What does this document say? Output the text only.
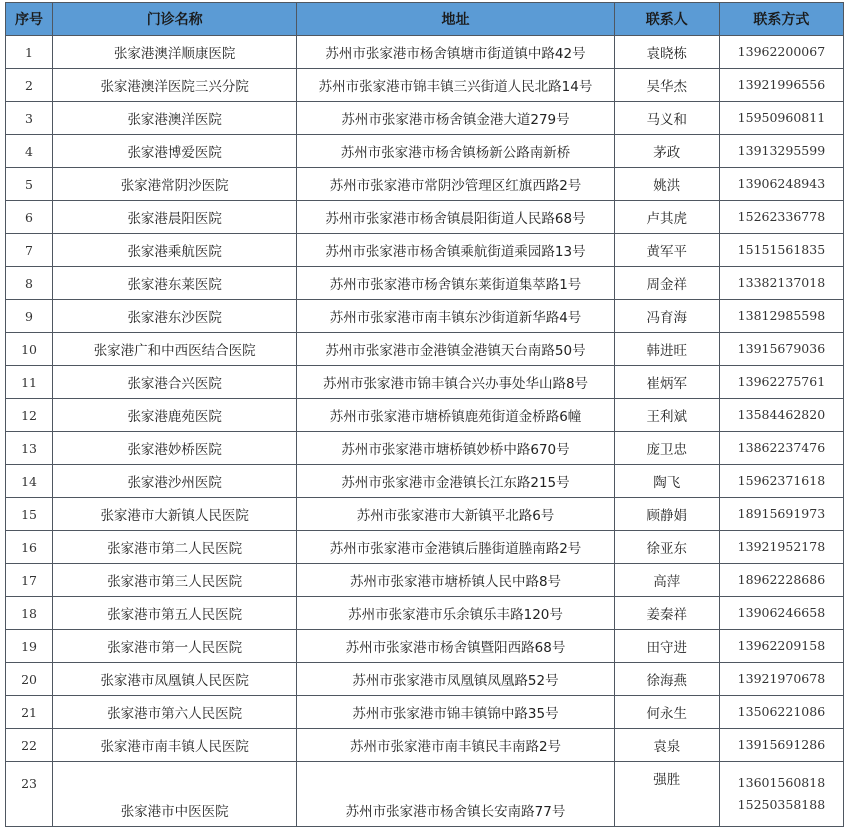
序号	门诊名称	地址	联系人	联系方式
1	张家港澳洋顺康医院	苏州市张家港市杨舍镇塘市街道镇中路42号	袁晓栋	13962200067
2	张家港澳洋医院三兴分院	苏州市张家港市锦丰镇三兴街道人民北路14号	吴华杰	13921996556
3	张家港澳洋医院	苏州市张家港市杨舍镇金港大道279号	马义和	15950960811
4	张家港博爱医院	苏州市张家港市杨舍镇杨新公路南新桥	茅政	13913295599
5	张家港常阴沙医院	苏州市张家港市常阴沙管理区红旗西路2号	姚洪	13906248943
6	张家港晨阳医院	苏州市张家港市杨舍镇晨阳街道人民路68号	卢其虎	15262336778
7	张家港乘航医院	苏州市张家港市杨舍镇乘航街道乘园路13号	黄军平	15151561835
8	张家港东莱医院	苏州市张家港市杨舍镇东莱街道集萃路1号	周金祥	13382137018
9	张家港东沙医院	苏州市张家港市南丰镇东沙街道新华路4号	冯育海	13812985598
10	张家港广和中西医结合医院	苏州市张家港市金港镇金港镇天台南路50号	韩进旺	13915679036
11	张家港合兴医院	苏州市张家港市锦丰镇合兴办事处华山路8号	崔炳军	13962275761
12	张家港鹿苑医院	苏州市张家港市塘桥镇鹿苑街道金桥路6幢	王利斌	13584462820
13	张家港妙桥医院	苏州市张家港市塘桥镇妙桥中路670号	庞卫忠	13862237476
14	张家港沙州医院	苏州市张家港市金港镇长江东路215号	陶飞	15962371618
15	张家港市大新镇人民医院	苏州市张家港市大新镇平北路6号	顾静娟	18915691973
16	张家港市第二人民医院	苏州市张家港市金港镇后塍街道塍南路2号	徐亚东	13921952178
17	张家港市第三人民医院	苏州市张家港市塘桥镇人民中路8号	高萍	18962228686
18	张家港市第五人民医院	苏州市张家港市乐余镇乐丰路120号	姜秦祥	13906246658
19	张家港市第一人民医院	苏州市张家港市杨舍镇暨阳西路68号	田守进	13962209158
20	张家港市凤凰镇人民医院	苏州市张家港市凤凰镇凤凰路52号	徐海燕	13921970678
21	张家港市第六人民医院	苏州市张家港市锦丰镇锦中路35号	何永生	13506221086
22	张家港市南丰镇人民医院	苏州市张家港市南丰镇民丰南路2号	袁泉	13915691286
23	张家港市中医医院	苏州市张家港市杨舍镇长安南路77号	强胜	13601560818
15250358188
